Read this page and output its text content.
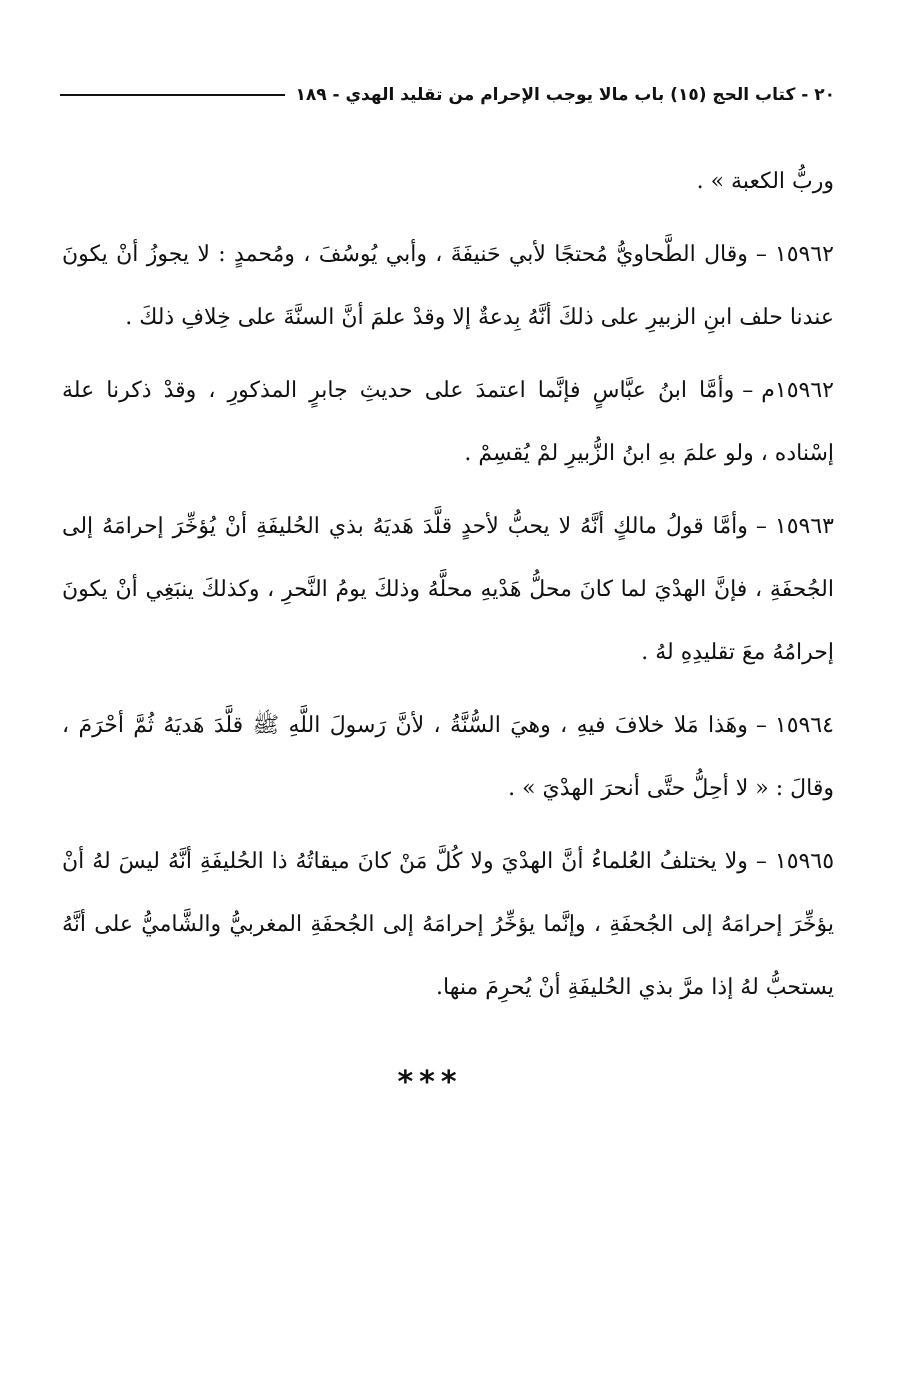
٢٠ - كتاب الحج (١٥) باب مالا يوجب الإحرام من تقليد الهدي - ١٨٩

وربُّ الكعبة » .

١٥٩٦٢–وقال الطَّحاويُّ مُحتجًا لأبي حَنيفَةَ ، وأبي يُوسُفَ ، ومُحمدٍ : لا يجوزُ أنْ يكونَ عندنا حلف ابنِ الزبيرِ على ذلكَ أنَّهُ بِدعةٌ إلا وقدْ علمَ أنَّ السنَّةَ على خِلافِ ذلكَ .

١٥٩٦٢م–وأمَّا ابنُ عبَّاسٍ فإنَّما اعتمدَ على حديثِ جابرٍ المذكورِ ، وقدْ ذكرنا علة إسْناده ، ولو علمَ بهِ ابنُ الزُّبيرِ لمْ يُقسِمْ .

١٥٩٦٣–وأمَّا قولُ مالكٍ أنَّهُ لا يحبُّ لأحدٍ قلَّدَ هَديَهُ بذي الحُليفَةِ أنْ يُؤخِّرَ إحرامَهُ إلى الجُحفَةِ ، فإنَّ الهدْيَ لما كانَ محلُّ هَدْيهِ محلَّهُ وذلكَ يومُ النَّحرِ ، وكذلكَ ينبَغِي أنْ يكونَ إحرامُهُ معَ تقليدِهِ لهُ .

١٥٩٦٤–وهَذا مَلا خلافَ فيهِ ، وهيَ السُّنَّةُ ، لأنَّ رَسولَ اللَّهِ ﷺ قلَّدَ هَديَهُ ثُمَّ أحْرَمَ ، وقالَ : « لا أحِلُّ حتَّى أنحرَ الهدْيَ » .

١٥٩٦٥–ولا يختلفُ العُلماءُ أنَّ الهدْيَ ولا كُلَّ مَنْ كانَ ميقاتُهُ ذا الحُليفَةِ أنَّهُ ليسَ لهُ أنْ يؤخِّرَ إحرامَهُ إلى الجُحفَةِ ، وإنَّما يؤخِّرُ إحرامَهُ إلى الجُحفَةِ المغربيُّ والشَّاميُّ على أنَّهُ يستحبُّ لهُ إذا مرَّ بذي الحُليفَةِ أنْ يُحرِمَ منها.

***
